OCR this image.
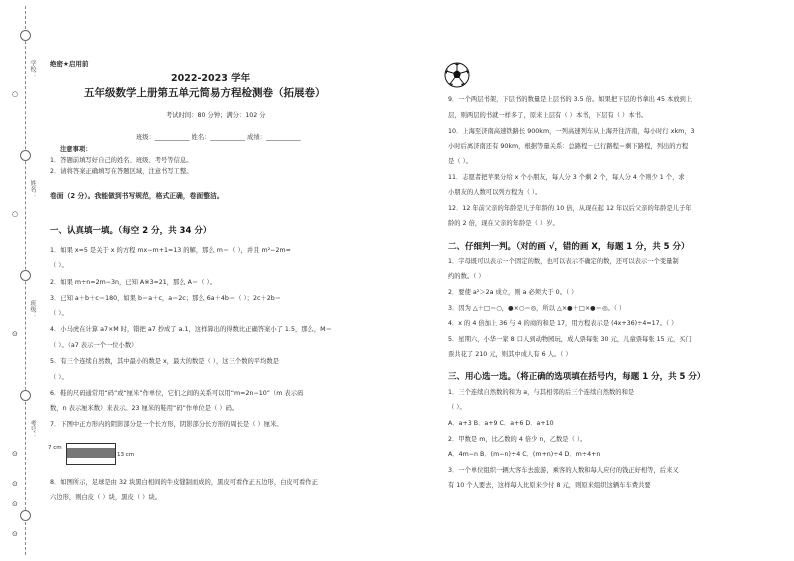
学校：
姓名：
班级：
考号：
○
○
⊙
⊙
⊙
⊙
⊙
绝密★启用前
2022-2023 学年
五年级数学上册第五单元简易方程检测卷（拓展卷）
考试时间：80 分钟；满分：102 分
班级：___________ 姓名：___________ 成绩：___________
注意事项：
1．答题前填写好自己的姓名、班级、考号等信息。
2．请将答案正确填写在答题区域，注意书写工整。
卷面（2 分）。我能做到书写规范，格式正确，卷面整洁。
一、认真填一填。（每空 2 分，共 34 分）
1．如果 x=5 是关于 x 的方程 mx−m+1=13 的解，那么 m＝（ ），并且 m²−2m=
（ ）。
2．如果 m÷n=2m−3n，已知 A※3=21，那么 A＝（ ）。
3．已知 a＋b＋c＝180，如果 b＝a＋c，a＝2c；那么 6a＋4b＝（ ）；2c＋2b＝
（ ）。
4．小马虎在计算 a7×M 时，错把 a7 抄成了 a.1，这样算出的得数比正确答案小了 1.5，那么，M＝
（ ）。（a7 表示一个一位小数）
5．有三个连续自然数，其中最小的数是 x，最大的数是（ ），这三个数的平均数是
（ ）。
6．鞋的尺码通常用“码”或“厘米”作单位，它们之间的关系可以用“m=2n−10”（m 表示码
数，n 表示厘米数）来表示。23 厘米的鞋用“码”作单位是（ ）码。
7．下图中正方形内的阴影部分是一个长方形，阴影部分长方形的周长是（ ）厘米。
7 cm
13 cm
8．如图所示，足球是由 32 块黑白相间的牛皮缝制而成的，黑皮可看作正五边形，白皮可看作正
六边形，则白皮（ ）块，黑皮（ ）块。
9．一个两层书架，下层书的数量是上层书的 3.5 倍。如果把下层的书拿出 45 本放到上
层，则两层的书就一样多了，原来上层有（ ）本书，下层有（ ）本书。
10．上海至济南高速铁路长 900km，一列高速列车从上海开往济南，每小时行 xkm，3
小时后离济南还有 90km，根据等量关系：总路程－已行路程＝剩下路程，列出的方程
是（ ）。
11．志愿者把苹果分给 x 个小朋友，每人分 3 个剩 2 个，每人分 4 个则少 1 个，求
小朋友的人数可以列方程为（ ）。
12．12 年前父亲的年龄是儿子年龄的 10 倍，从现在起 12 年以后父亲的年龄是儿子年
龄的 2 倍，现在父亲的年龄是（ ）岁。
二、仔细判一判。（对的画 √，错的画 X，每题 1 分，共 5 分）
1．字母既可以表示一个固定的数，也可以表示不确定的数，还可以表示一个变量制
约的数。（ ）
2．要使 a²＞2a 成立，则 a 必须大于 0。（ ）
3．因为 △＋□＝○，●×○＝◎，所以 △×●＋□×●＝◎。（ ）
4．x 的 4 倍加上 36 与 4 的商的和是 17，用方程表示是 (4x+36)÷4=17。（ ）
5．星期六，小华一家 8 口人到动物园玩，成人票每张 30 元，儿童票每张 15 元，买门
票共花了 210 元，则其中成人有 6 人。（ ）
三、用心选一选。（将正确的选项填在括号内，每题 1 分，共 5 分）
1．三个连续自然数的和为 a，与其相邻的后三个连续自然数的和是
（ ）。
A．a+3 B．a+9 C．a+6 D．a+10
2．甲数是 m，比乙数的 4 倍少 n，乙数是（ ）。
A．4m−n B．(m−n)÷4 C．(m+n)÷4 D．m÷4+n
3．一个单位组织一辆大客车去旅游，乘客的人数和每人应付的钱正好相等，后来又
有 10 个人要去，这样每人比原来少付 8 元，则原来组织这辆车车费共要
